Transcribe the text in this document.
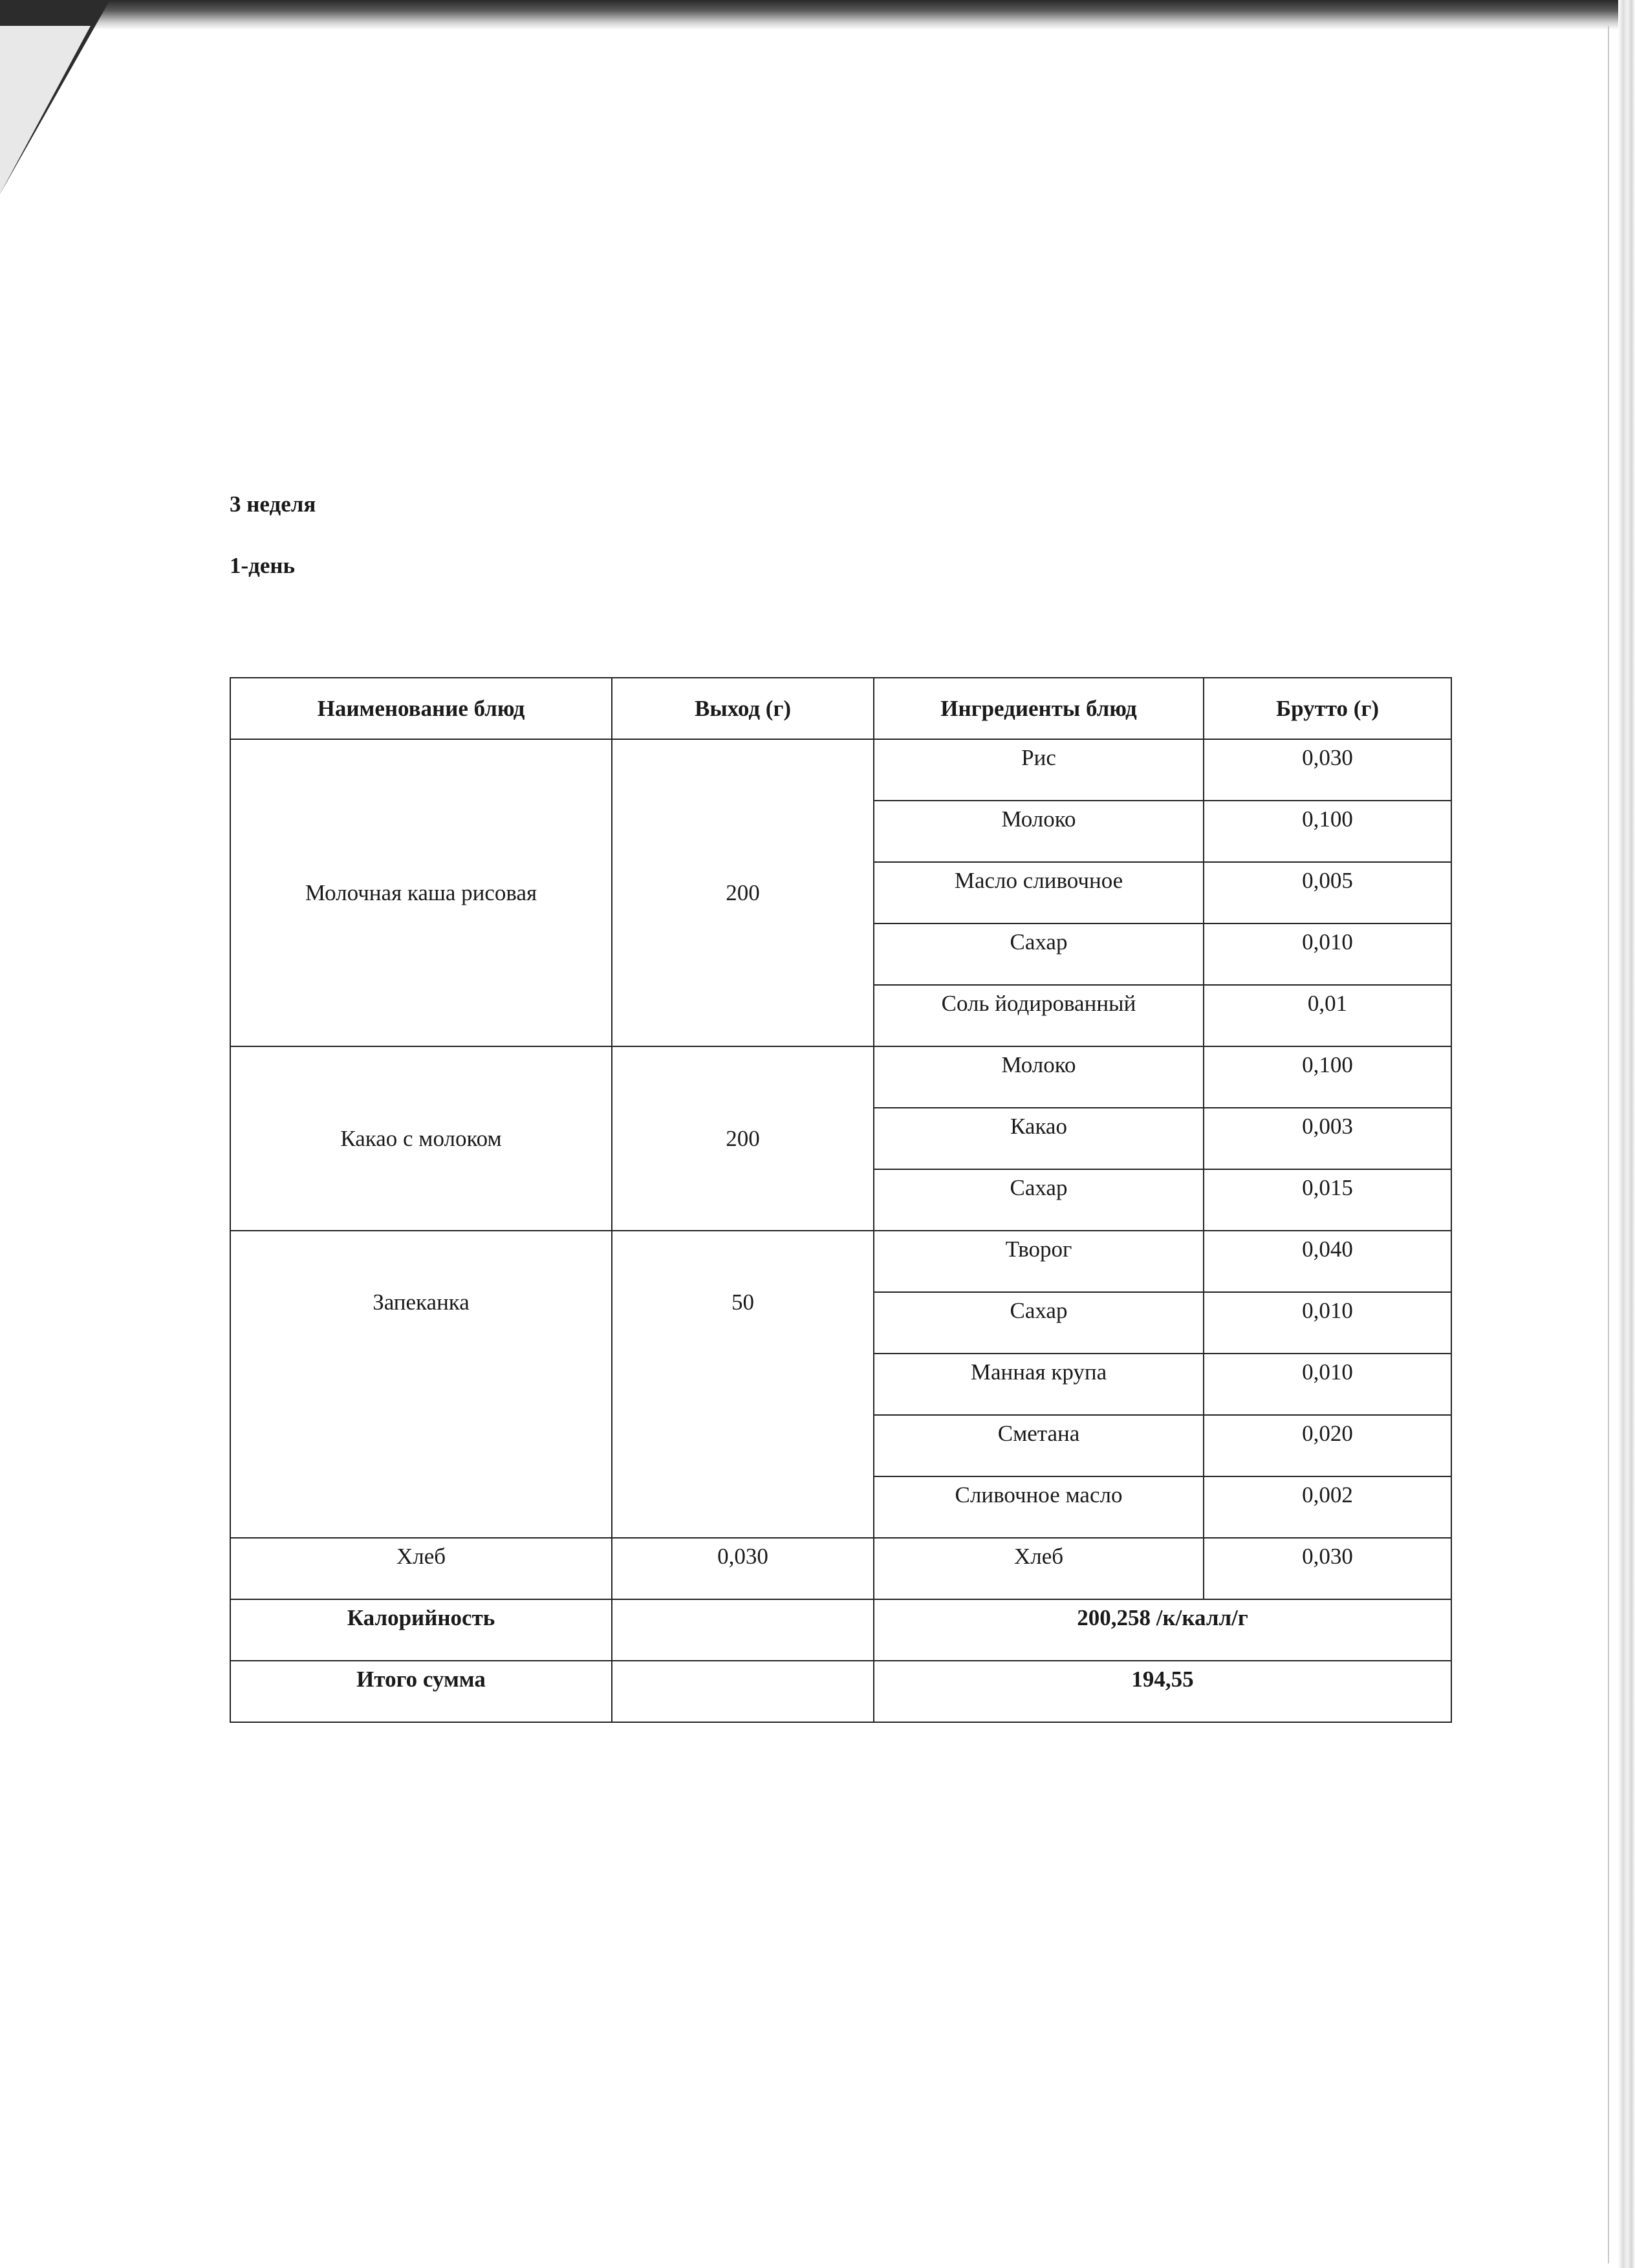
3 неделя

1-день

Наименование блюд	Выход (г)	Ингредиенты блюд	Брутто (г)
Молочная каша рисовая	200	Рис	0,030
		Молоко	0,100
		Масло сливочное	0,005
		Сахар	0,010
		Соль йодированный	0,01
Какао с молоком	200	Молоко	0,100
		Какао	0,003
		Сахар	0,015
Запеканка	50	Творог	0,040
		Сахар	0,010
		Манная крупа	0,010
		Сметана	0,020
		Сливочное масло	0,002
Хлеб	0,030	Хлеб	0,030
Калорийность		200,258 /к/калл/г	
Итого сумма		194,55	
